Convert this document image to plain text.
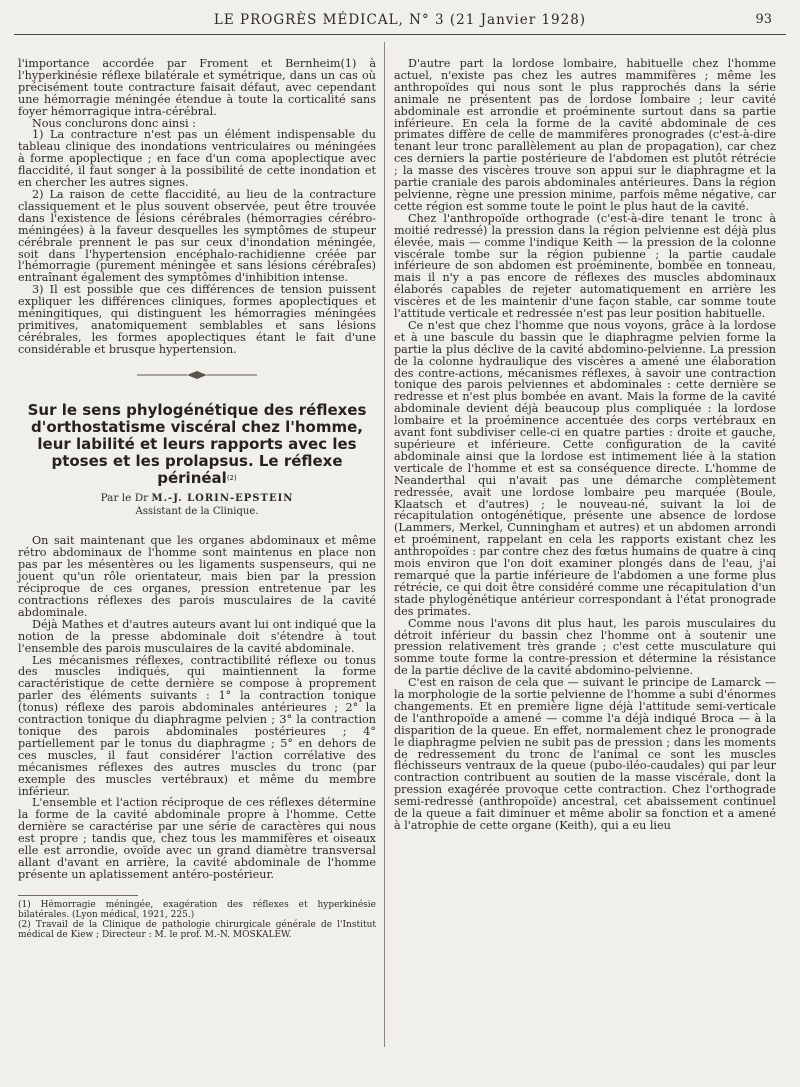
LE PROGRÈS MÉDICAL, N° 3 (21 Janvier 1928)	93

l'importance accordée par Froment et Bernheim(1) à l'hyperkinésie réflexe bilatérale et symétrique, dans un cas où précisément toute contracture faisait défaut, avec cependant une hémorragie méningée étendue à toute la corticalité sans foyer hémorragique intra-cérébral.

Nous conclurons donc ainsi :

1) La contracture n'est pas un élément indispensable du tableau clinique des inondations ventriculaires ou méningées à forme apoplectique ; en face d'un coma apoplectique avec flaccidité, il faut songer à la possibilité de cette inondation et en chercher les autres signes.

2) La raison de cette flaccidité, au lieu de la contracture classiquement et le plus souvent observée, peut être trouvée dans l'existence de lésions cérébrales (hémorragies cérébro-méningées) à la faveur desquelles les symptômes de stupeur cérébrale prennent le pas sur ceux d'inondation méningée, soit dans l'hypertension encéphalo-rachidienne créée par l'hémorragie (purement méningée et sans lésions cérébrales) entraînant également des symptômes d'inhibition intense.

3) Il est possible que ces différences de tension puissent expliquer les différences cliniques, formes apoplectiques et méningitiques, qui distinguent les hémorragies méningées primitives, anatomiquement semblables et sans lésions cérébrales, les formes apoplectiques étant le fait d'une considérable et brusque hypertension.

Sur le sens phylogénétique des réflexes d'orthostatisme viscéral chez l'homme, leur labilité et leurs rapports avec les ptoses et les prolapsus. Le réflexe périnéal$^{(2)}$
Par le Dr M.-J. LORIN-EPSTEIN
Assistant de la Clinique.

On sait maintenant que les organes abdominaux et même rétro abdominaux de l'homme sont maintenus en place non pas par les mésentères ou les ligaments suspenseurs, qui ne jouent qu'un rôle orientateur, mais bien par la pression réciproque de ces organes, pression entretenue par les contractions réflexes des parois musculaires de la cavité abdominale.

Déjà Mathes et d'autres auteurs avant lui ont indiqué que la notion de la presse abdominale doit s'étendre à tout l'ensemble des parois musculaires de la cavité abdominale.

Les mécanismes réflexes, contractibilité réflexe ou tonus des muscles indiqués, qui maintiennent la forme caractéristique de cette dernière se compose à proprement parler des éléments suivants : 1° la contraction tonique (tonus) réflexe des parois abdominales antérieures ; 2° la contraction tonique du diaphragme pelvien ; 3° la contraction tonique des parois abdominales postérieures ; 4° partiellement par le tonus du diaphragme ; 5° en dehors de ces muscles, il faut considérer l'action corrélative des mécanismes réflexes des autres muscles du tronc (par exemple des muscles vertébraux) et même du membre inférieur.

L'ensemble et l'action réciproque de ces réflexes détermine la forme de la cavité abdominale propre à l'homme. Cette dernière se caractérise par une série de caractères qui nous est propre ; tandis que, chez tous les mammifères et oiseaux elle est arrondie, ovoïde avec un grand diamètre transversal allant d'avant en arrière, la cavité abdominale de l'homme présente un aplatissement antéro-postérieur.

(1) Hémorragie méningée, exagération des réflexes et hyperkinésie bilatérales. (Lyon médical, 1921, 225.)

(2) Travail de la Clinique de pathologie chirurgicale générale de l'Institut médical de Kiew ; Directeur : M. le prof. M.-N. MOSKALEW.

D'autre part la lordose lombaire, habituelle chez l'homme actuel, n'existe pas chez les autres mammifères ; même les anthropoïdes qui nous sont le plus rapprochés dans la série animale ne présentent pas de lordose lombaire ; leur cavité abdominale est arrondie et proéminente surtout dans sa partie inférieure. En cela la forme de la cavité abdominale de ces primates diffère de celle de mammifères pronogrades (c'est-à-dire tenant leur tronc parallèlement au plan de propagation), car chez ces derniers la partie postérieure de l'abdomen est plutôt rétrécie ; la masse des viscères trouve son appui sur le diaphragme et la partie craniale des parois abdominales antérieures. Dans la région pelvienne, règne une pression minime, parfois même négative, car cette région est somme toute le point le plus haut de la cavité.

Chez l'anthropoïde orthograde (c'est-à-dire tenant le tronc à moitié redressé) la pression dans la région pelvienne est déjà plus élevée, mais — comme l'indique Keith — la pression de la colonne viscérale tombe sur la région pubienne ; la partie caudale inférieure de son abdomen est proéminente, bombée en tonneau, mais il n'y a pas encore de réflexes des muscles abdominaux élaborés capables de rejeter automatiquement en arrière les viscères et de les maintenir d'une façon stable, car somme toute l'attitude verticale et redressée n'est pas leur position habituelle.

Ce n'est que chez l'homme que nous voyons, grâce à la lordose et à une bascule du bassin que le diaphragme pelvien forme la partie la plus déclive de la cavité abdomino-pelvienne. La pression de la colonne hydraulique des viscères a amené une élaboration des contre-actions, mécanismes réflexes, à savoir une contraction tonique des parois pelviennes et abdominales : cette dernière se redresse et n'est plus bombée en avant. Mais la forme de la cavité abdominale devient déjà beaucoup plus compliquée : la lordose lombaire et la proéminence accentuée des corps vertébraux en avant font subdiviser celle-ci en quatre parties : droite et gauche, supérieure et inférieure. Cette configuration de la cavité abdominale ainsi que la lordose est intimement liée à la station verticale de l'homme et est sa conséquence directe. L'homme de Neanderthal qui n'avait pas une démarche complètement redressée, avait une lordose lombaire peu marquée (Boule, Klaatsch et d'autres) ; le nouveau-né, suivant la loi de récapitulation ontogénétique, présente une absence de lordose (Lammers, Merkel, Cunningham et autres) et un abdomen arrondi et proéminent, rappelant en cela les rapports existant chez les anthropoïdes : par contre chez des fœtus humains de quatre à cinq mois environ que l'on doit examiner plongés dans de l'eau, j'ai remarqué que la partie inférieure de l'abdomen a une forme plus rétrécie, ce qui doit être considéré comme une récapitulation d'un stade phylogénétique antérieur correspondant à l'état pronograde des primates.

Comme nous l'avons dit plus haut, les parois musculaires du détroit inférieur du bassin chez l'homme ont à soutenir une pression relativement très grande ; c'est cette musculature qui somme toute forme la contre-pression et détermine la résistance de la partie déclive de la cavité abdomino-pelvienne.

C'est en raison de cela que — suivant le principe de Lamarck — la morphologie de la sortie pelvienne de l'homme a subi d'énormes changements. Et en première ligne déjà l'attitude semi-verticale de l'anthropoïde a amené — comme l'a déjà indiqué Broca — à la disparition de la queue. En effet, normalement chez le pronograde le diaphragme pelvien ne subit pas de pression ; dans les moments de redressement du tronc de l'animal ce sont les muscles fléchisseurs ventraux de la queue (pubo-iléo-caudales) qui par leur contraction contribuent au soutien de la masse viscérale, dont la pression exagérée provoque cette contraction. Chez l'orthograde semi-redressé (anthropoïde) ancestral, cet abaissement continuel de la queue a fait diminuer et même abolir sa fonction et a amené à l'atrophie de cette organe (Keith), qui a eu lieu
